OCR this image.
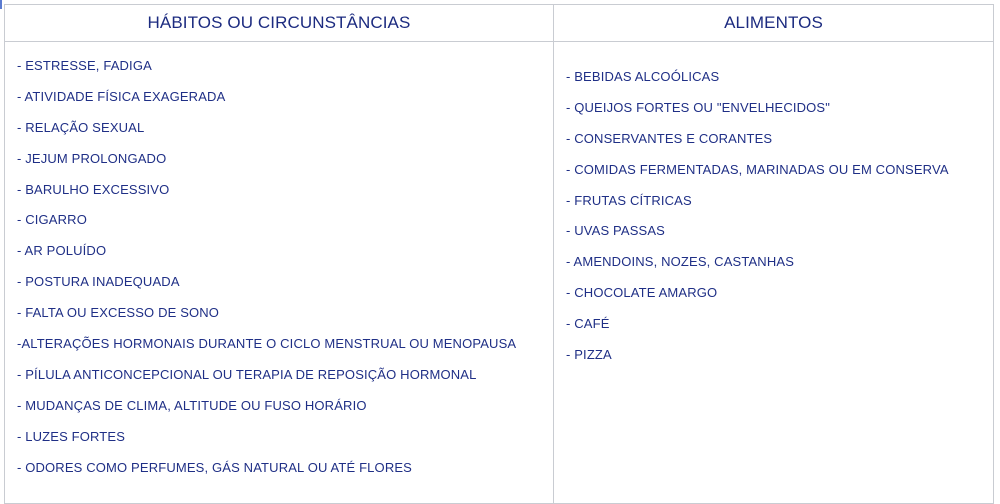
HÁBITOS OU CIRCUNSTÂNCIAS
- ESTRESSE, FADIGA
- ATIVIDADE FÍSICA EXAGERADA
- RELAÇÃO SEXUAL
- JEJUM PROLONGADO
- BARULHO EXCESSIVO
- CIGARRO
- AR POLUÍDO
- POSTURA INADEQUADA
- FALTA OU EXCESSO DE SONO
-ALTERAÇÕES HORMONAIS DURANTE O CICLO MENSTRUAL OU MENOPAUSA
- PÍLULA ANTICONCEPCIONAL OU TERAPIA DE REPOSIÇÃO HORMONAL
- MUDANÇAS DE CLIMA, ALTITUDE OU FUSO HORÁRIO
- LUZES FORTES
- ODORES COMO PERFUMES, GÁS NATURAL OU ATÉ FLORES
ALIMENTOS
- BEBIDAS ALCOÓLICAS
- QUEIJOS FORTES OU "ENVELHECIDOS"
- CONSERVANTES E CORANTES
- COMIDAS FERMENTADAS, MARINADAS OU EM CONSERVA
- FRUTAS CÍTRICAS
- UVAS PASSAS
- AMENDOINS, NOZES, CASTANHAS
- CHOCOLATE AMARGO
- CAFÉ
- PIZZA
